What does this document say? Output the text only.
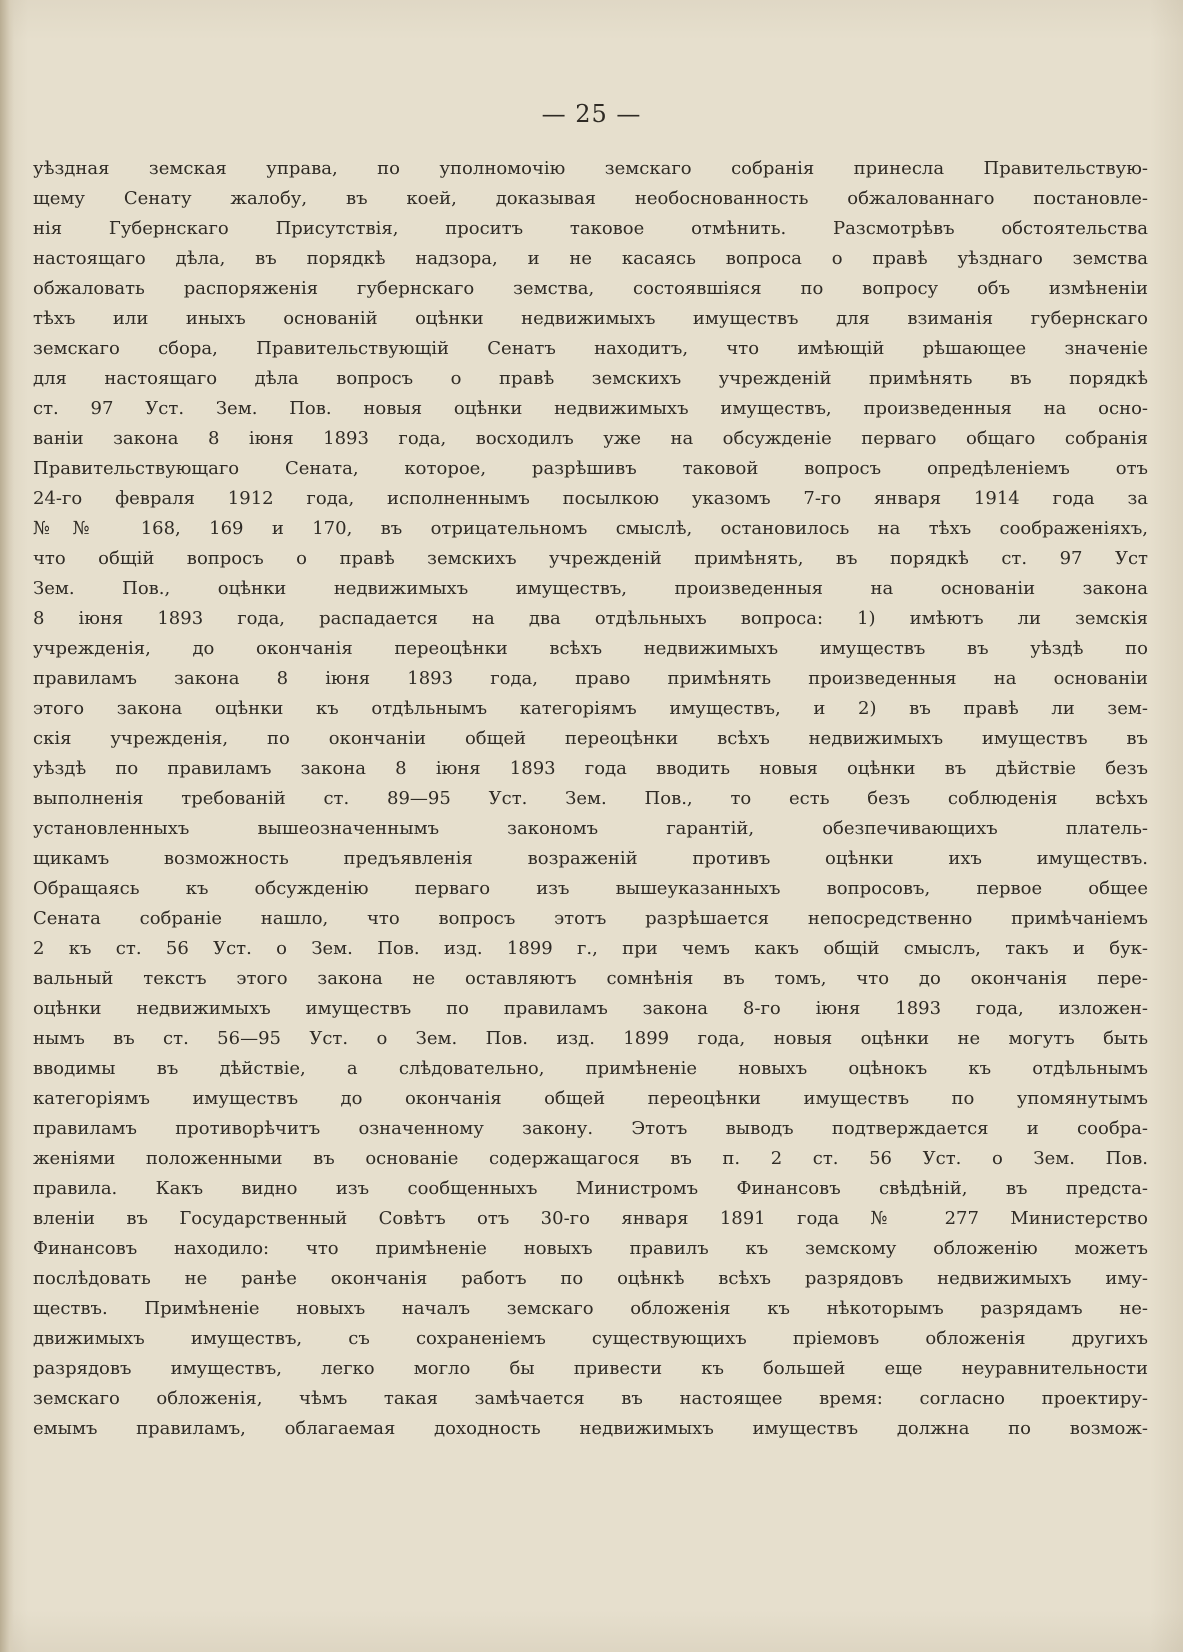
— 25 —
уѣздная земская управа, по уполномочію земскаго собранія принесла Правительствую-
щему Сенату жалобу, въ коей, доказывая необоснованность обжалованнаго постановле-
нія Губернскаго Присутствія, проситъ таковое отмѣнить. Разсмотрѣвъ обстоятельства
настоящаго дѣла, въ порядкѣ надзора, и не касаясь вопроса о правѣ уѣзднаго земства
обжаловать распоряженія губернскаго земства, состоявшіяся по вопросу объ измѣненіи
тѣхъ или иныхъ основаній оцѣнки недвижимыхъ имуществъ для взиманія губернскаго
земскаго сбора, Правительствующій Сенатъ находитъ, что имѣющій рѣшающее значеніе
для настоящаго дѣла вопросъ о правѣ земскихъ учрежденій примѣнять въ порядкѣ
ст. 97 Уст. Зем. Пов. новыя оцѣнки недвижимыхъ имуществъ, произведенныя на осно-
ваніи закона 8 іюня 1893 года, восходилъ уже на обсужденіе перваго общаго собранія
Правительствующаго Сената, которое, разрѣшивъ таковой вопросъ опредѣленіемъ отъ
24-го февраля 1912 года, исполненнымъ посылкою указомъ 7-го января 1914 года за
№№ 168, 169 и 170, въ отрицательномъ смыслѣ, остановилось на тѣхъ соображеніяхъ,
что общій вопросъ о правѣ земскихъ учрежденій примѣнять, въ порядкѣ ст. 97 Уст
Зем. Пов., оцѣнки недвижимыхъ имуществъ, произведенныя на основаніи закона
8 іюня 1893 года, распадается на два отдѣльныхъ вопроса: 1) имѣютъ ли земскія
учрежденія, до окончанія переоцѣнки всѣхъ недвижимыхъ имуществъ въ уѣздѣ по
правиламъ закона 8 іюня 1893 года, право примѣнять произведенныя на основаніи
этого закона оцѣнки къ отдѣльнымъ категоріямъ имуществъ, и 2) въ правѣ ли зем-
скія учрежденія, по окончаніи общей переоцѣнки всѣхъ недвижимыхъ имуществъ въ
уѣздѣ по правиламъ закона 8 іюня 1893 года вводить новыя оцѣнки въ дѣйствіе безъ
выполненія требованій ст. 89—95 Уст. Зем. Пов., то есть безъ соблюденія всѣхъ
установленныхъ вышеозначеннымъ закономъ гарантій, обезпечивающихъ платель-
щикамъ возможность предъявленія возраженій противъ оцѣнки ихъ имуществъ.
Обращаясь къ обсужденію перваго изъ вышеуказанныхъ вопросовъ, первое общее
Сената собраніе нашло, что вопросъ этотъ разрѣшается непосредственно примѣчаніемъ
2 къ ст. 56 Уст. о Зем. Пов. изд. 1899 г., при чемъ какъ общій смыслъ, такъ и бук-
вальный текстъ этого закона не оставляютъ сомнѣнія въ томъ, что до окончанія пере-
оцѣнки недвижимыхъ имуществъ по правиламъ закона 8-го іюня 1893 года, изложен-
нымъ въ ст. 56—95 Уст. о Зем. Пов. изд. 1899 года, новыя оцѣнки не могутъ быть
вводимы въ дѣйствіе, а слѣдовательно, примѣненіе новыхъ оцѣнокъ къ отдѣльнымъ
категоріямъ имуществъ до окончанія общей переоцѣнки имуществъ по упомянутымъ
правиламъ противорѣчитъ означенному закону. Этотъ выводъ подтверждается и сообра-
женіями положенными въ основаніе содержащагося въ п. 2 ст. 56 Уст. о Зем. Пов.
правила. Какъ видно изъ сообщенныхъ Министромъ Финансовъ свѣдѣній, въ предста-
вленіи въ Государственный Совѣтъ отъ 30-го января 1891 года № 277 Министерство
Финансовъ находило: что примѣненіе новыхъ правилъ къ земскому обложенію можетъ
послѣдовать не ранѣе окончанія работъ по оцѣнкѣ всѣхъ разрядовъ недвижимыхъ иму-
ществъ. Примѣненіе новыхъ началъ земскаго обложенія къ нѣкоторымъ разрядамъ не-
движимыхъ имуществъ, съ сохраненіемъ существующихъ пріемовъ обложенія другихъ
разрядовъ имуществъ, легко могло бы привести къ большей еще неуравнительности
земскаго обложенія, чѣмъ такая замѣчается въ настоящее время: согласно проектиру-
емымъ правиламъ, облагаемая доходность недвижимыхъ имуществъ должна по возмож-
